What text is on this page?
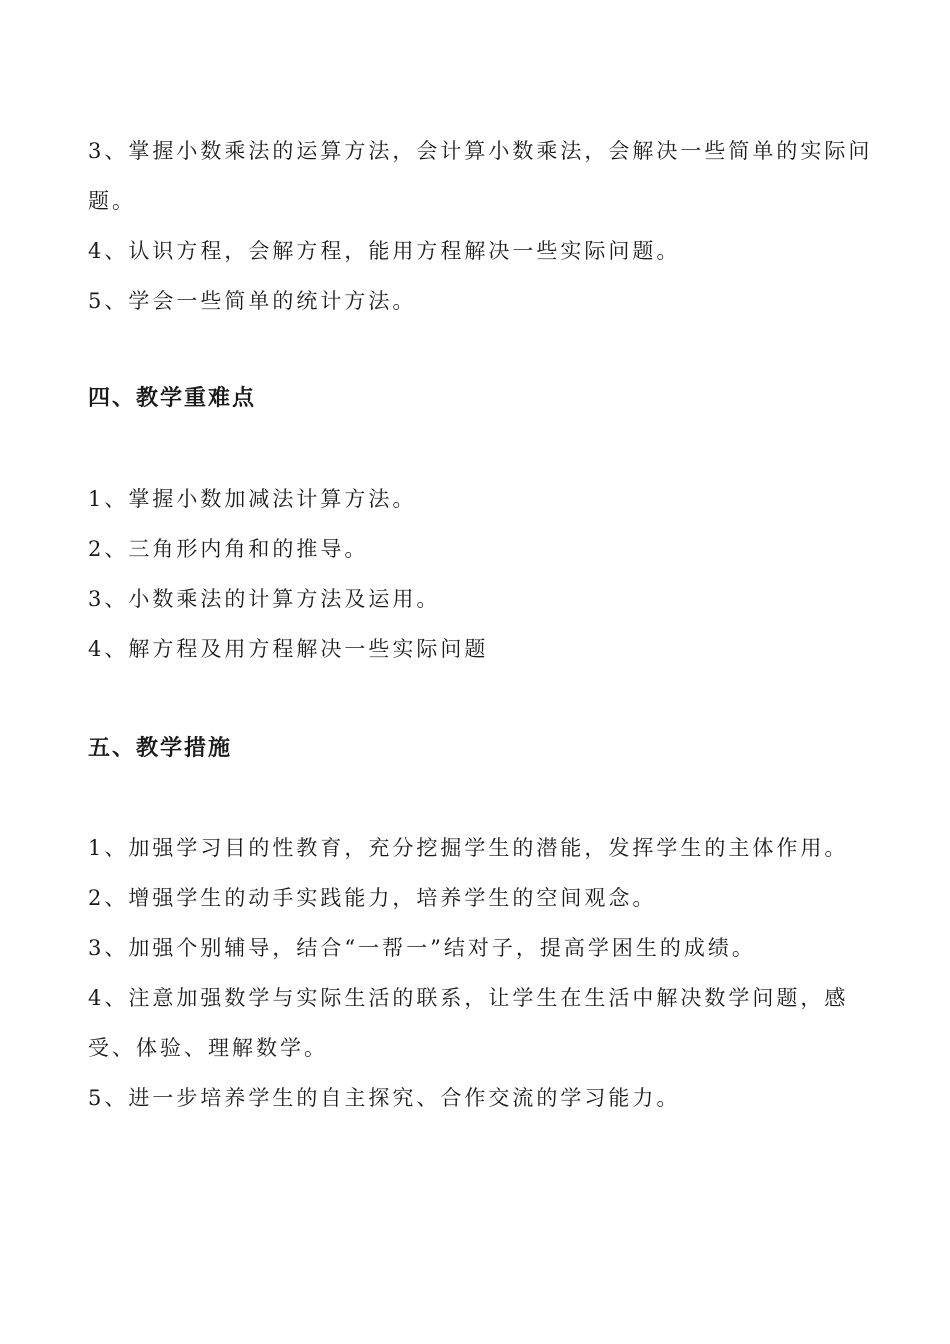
3、掌握小数乘法的运算方法，会计算小数乘法，会解决一些简单的实际问题。

4、认识方程，会解方程，能用方程解决一些实际问题。

5、学会一些简单的统计方法。

四、教学重难点

1、掌握小数加减法计算方法。

2、三角形内角和的推导。

3、小数乘法的计算方法及运用。

4、解方程及用方程解决一些实际问题

五、教学措施

1、加强学习目的性教育，充分挖掘学生的潜能，发挥学生的主体作用。

2、增强学生的动手实践能力，培养学生的空间观念。

3、加强个别辅导，结合“一帮一”结对子，提高学困生的成绩。

4、注意加强数学与实际生活的联系，让学生在生活中解决数学问题，感受、体验、理解数学。

5、进一步培养学生的自主探究、合作交流的学习能力。
